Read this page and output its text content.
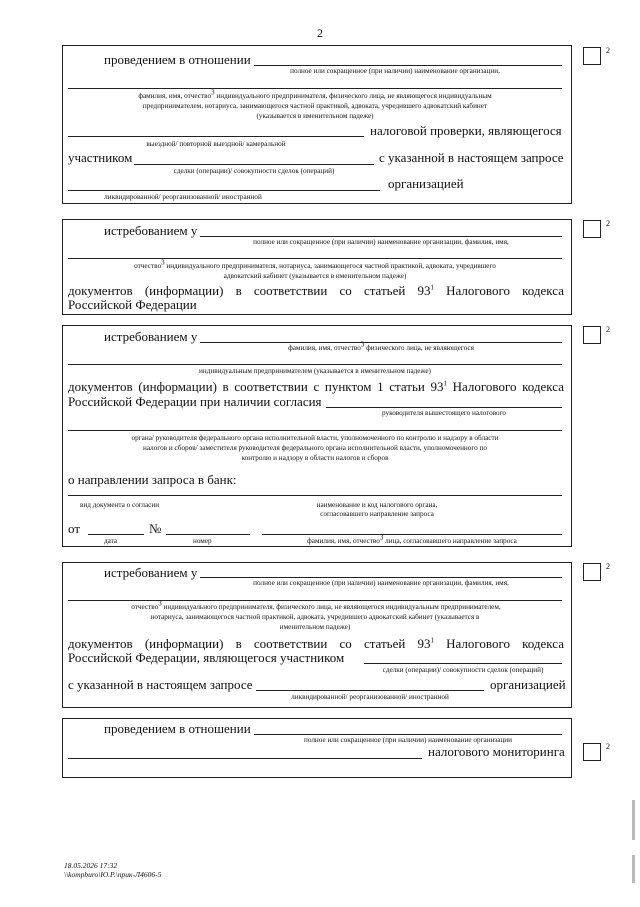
2
2
проведением в отношении
полное или сокращенное (при наличии) наименование организации,
фамилия, имя, отчество$^3$ индивидуального предпринимателя, физического лица, не являющегося индивидуальным
предпринимателем, нотариуса, занимающегося частной практикой, адвоката, учредившего адвокатский кабинет
(указывается в именительном падеже)
налоговой проверки, являющегося
выездной/ повторной выездной/ камеральной
участником	с указанной в настоящем запросе
сделки (операции)/ совокупности сделок (операций)
организацией
ликвидированной/ реорганизованной/ иностранной
2
истребованием у
полное или сокращенное (при наличии) наименование организации, фамилия, имя,
отчество$^3$ индивидуального предпринимателя, нотариуса, занимающегося частной практикой, адвоката, учредившего
адвокатский кабинет (указывается в именительном падеже)
документов (информации) в соответствии со статьей $93^1$ Налогового кодекса
Российской Федерации
2
истребованием у
фамилия, имя, отчество$^3$ физического лица, не являющегося
индивидуальным предпринимателем (указывается в именительном падеже)
документов (информации) в соответствии с пунктом 1 статьи $93^1$ Налогового кодекса
Российской Федерации при наличии согласия
руководителя вышестоящего налогового
органа/ руководителя федерального органа исполнительной власти, уполномоченного по контролю и надзору в области
налогов и сборов/ заместителя руководителя федерального органа исполнительной власти, уполномоченного по
контролю и надзору в области налогов и сборов
о направлении запроса в банк:
вид документа о согласии	наименование и код налогового органа,
согласовавшего направление запроса
от	№
дата	номер	фамилия, имя, отчество$^3$ лица, согласовавшего направление запроса
2
истребованием у
полное или сокращенное (при наличии) наименование организации, фамилия, имя,
отчество$^3$ индивидуального предпринимателя, физического лица, не являющегося индивидуальным предпринимателем,
нотариуса, занимающегося частной практикой, адвоката, учредившего адвокатский кабинет (указывается в
именительном падеже)
документов (информации) в соответствии со статьей $93^1$ Налогового кодекса
Российской Федерации, являющегося участником
сделки (операции)/ совокупности сделок (операций)
с указанной в настоящем запросе	организацией
ликвидированной/ реорганизованной/ иностранной
2
проведением в отношении
полное или сокращенное (при наличии) наименование организации
налогового мониторинга
18.05.2026 17:32
\\kompburo\Ю.Р.\прик-Л4606-5
